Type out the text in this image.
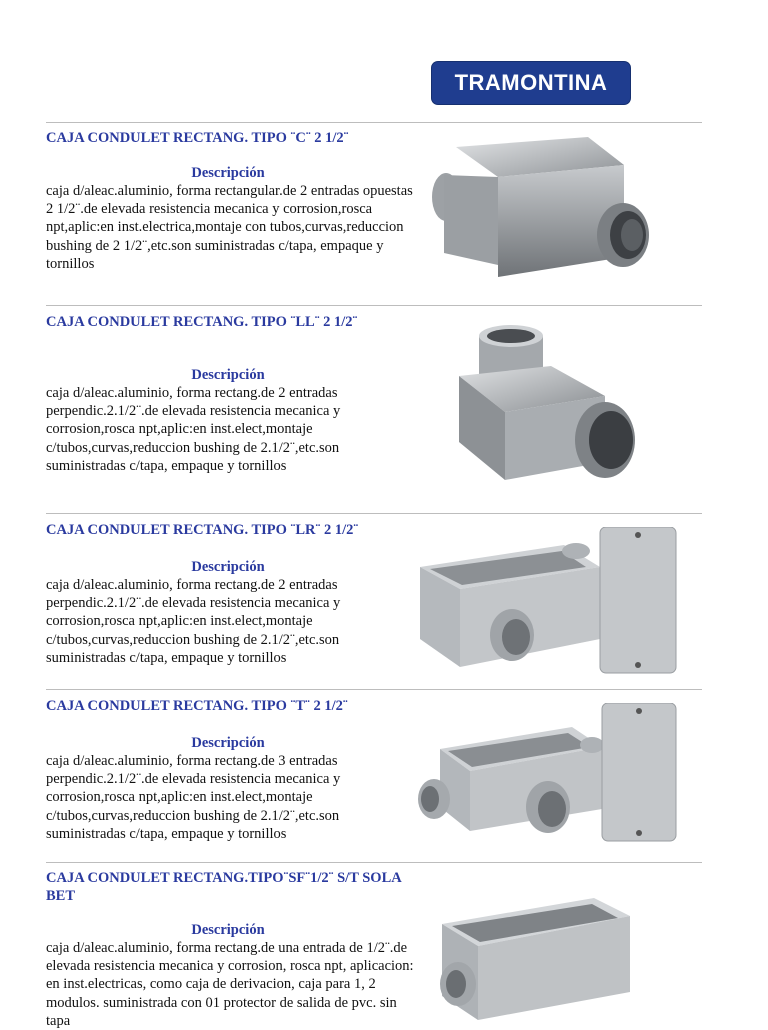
TRAMONTINA
CAJA CONDULET RECTANG. TIPO ¨C¨ 2 1/2¨
Descripción
caja d/aleac.aluminio, forma rectangular.de 2 entradas opuestas 2 1/2¨.de elevada resistencia mecanica y corrosion,rosca npt,aplic:en inst.electrica,montaje con tubos,curvas,reduccion bushing de 2 1/2¨,etc.son suministradas c/tapa, empaque y tornillos
CAJA CONDULET RECTANG. TIPO ¨LL¨ 2 1/2¨
Descripción
caja d/aleac.aluminio, forma rectang.de 2 entradas perpendic.2.1/2¨.de elevada resistencia mecanica y corrosion,rosca npt,aplic:en inst.elect,montaje c/tubos,curvas,reduccion bushing de 2.1/2¨,etc.son suministradas c/tapa, empaque y tornillos
CAJA CONDULET RECTANG. TIPO ¨LR¨ 2 1/2¨
Descripción
caja d/aleac.aluminio, forma rectang.de 2 entradas perpendic.2.1/2¨.de elevada resistencia mecanica y corrosion,rosca npt,aplic:en inst.elect,montaje c/tubos,curvas,reduccion bushing de 2.1/2¨,etc.son suministradas c/tapa, empaque y tornillos
CAJA CONDULET RECTANG. TIPO ¨T¨ 2 1/2¨
Descripción
caja d/aleac.aluminio, forma rectang.de 3 entradas perpendic.2.1/2¨.de elevada resistencia mecanica y corrosion,rosca npt,aplic:en inst.elect,montaje c/tubos,curvas,reduccion bushing de 2.1/2¨,etc.son suministradas c/tapa, empaque y tornillos
CAJA CONDULET RECTANG.TIPO¨SF¨1/2¨ S/T SOLA BET
Descripción
caja d/aleac.aluminio, forma rectang.de una entrada de 1/2¨.de elevada resistencia mecanica y corrosion, rosca npt, aplicacion: en inst.electricas, como caja de derivacion, caja para 1, 2 modulos. suministrada con 01 protector de salida de pvc. sin tapa
